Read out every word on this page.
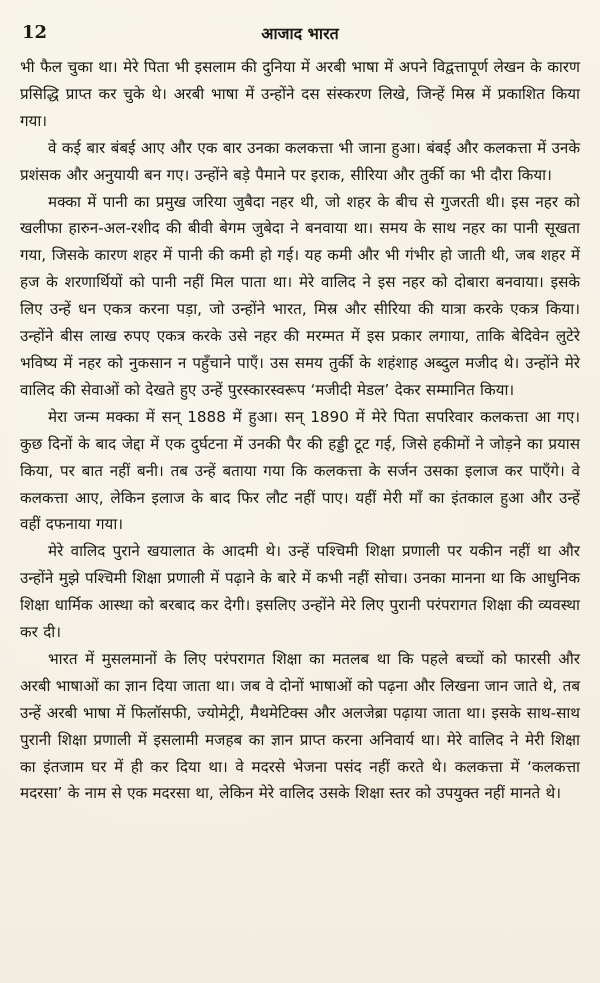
12	आजाद भारत

भी फैल चुका था। मेरे पिता भी इसलाम की दुनिया में अरबी भाषा में अपने विद्वत्तापूर्ण लेखन के कारण प्रसिद्धि प्राप्त कर चुके थे। अरबी भाषा में उन्होंने दस संस्करण लिखे, जिन्हें मिस्र में प्रकाशित किया गया।

वे कई बार बंबई आए और एक बार उनका कलकत्ता भी जाना हुआ। बंबई और कलकत्ता में उनके प्रशंसक और अनुयायी बन गए। उन्होंने बड़े पैमाने पर इराक, सीरिया और तुर्की का भी दौरा किया।

मक्का में पानी का प्रमुख जरिया जुबैदा नहर थी, जो शहर के बीच से गुजरती थी। इस नहर को खलीफा हारुन-अल-रशीद की बीवी बेगम जुबेदा ने बनवाया था। समय के साथ नहर का पानी सूखता गया, जिसके कारण शहर में पानी की कमी हो गई। यह कमी और भी गंभीर हो जाती थी, जब शहर में हज के शरणार्थियों को पानी नहीं मिल पाता था। मेरे वालिद ने इस नहर को दोबारा बनवाया। इसके लिए उन्हें धन एकत्र करना पड़ा, जो उन्होंने भारत, मिस्र और सीरिया की यात्रा करके एकत्र किया। उन्होंने बीस लाख रुपए एकत्र करके उसे नहर की मरम्मत में इस प्रकार लगाया, ताकि बेदिवेन लुटेरे भविष्य में नहर को नुकसान न पहुँचाने पाएँ। उस समय तुर्की के शहंशाह अब्दुल मजीद थे। उन्होंने मेरे वालिद की सेवाओं को देखते हुए उन्हें पुरस्कारस्वरूप ‘मजीदी मेडल’ देकर सम्मानित किया।

मेरा जन्म मक्का में सन् 1888 में हुआ। सन् 1890 में मेरे पिता सपरिवार कलकत्ता आ गए। कुछ दिनों के बाद जेद्दा में एक दुर्घटना में उनकी पैर की हड्डी टूट गई, जिसे हकीमों ने जोड़ने का प्रयास किया, पर बात नहीं बनी। तब उन्हें बताया गया कि कलकत्ता के सर्जन उसका इलाज कर पाएँगे। वे कलकत्ता आए, लेकिन इलाज के बाद फिर लौट नहीं पाए। यहीं मेरी माँ का इंतकाल हुआ और उन्हें वहीं दफनाया गया।

मेरे वालिद पुराने खयालात के आदमी थे। उन्हें पश्चिमी शिक्षा प्रणाली पर यकीन नहीं था और उन्होंने मुझे पश्चिमी शिक्षा प्रणाली में पढ़ाने के बारे में कभी नहीं सोचा। उनका मानना था कि आधुनिक शिक्षा धार्मिक आस्था को बरबाद कर देगी। इसलिए उन्होंने मेरे लिए पुरानी परंपरागत शिक्षा की व्यवस्था कर दी।

भारत में मुसलमानों के लिए परंपरागत शिक्षा का मतलब था कि पहले बच्चों को फारसी और अरबी भाषाओं का ज्ञान दिया जाता था। जब वे दोनों भाषाओं को पढ़ना और लिखना जान जाते थे, तब उन्हें अरबी भाषा में फिलॉसफी, ज्योमेट्री, मैथमेटिक्स और अलजेब्रा पढ़ाया जाता था। इसके साथ-साथ पुरानी शिक्षा प्रणाली में इसलामी मजहब का ज्ञान प्राप्त करना अनिवार्य था। मेरे वालिद ने मेरी शिक्षा का इंतजाम घर में ही कर दिया था। वे मदरसे भेजना पसंद नहीं करते थे। कलकत्ता में ‘कलकत्ता मदरसा’ के नाम से एक मदरसा था, लेकिन मेरे वालिद उसके शिक्षा स्तर को उपयुक्त नहीं मानते थे।
